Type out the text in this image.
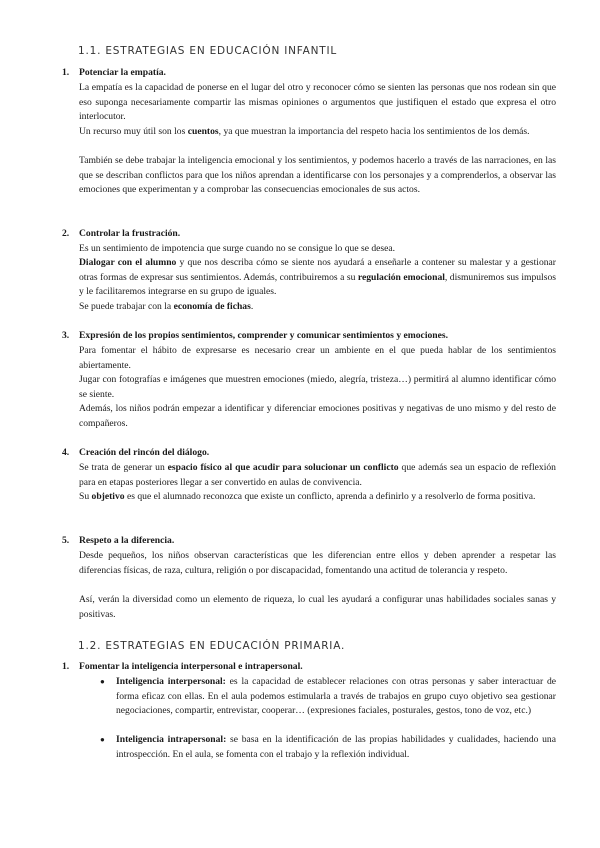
1.1. ESTRATEGIAS EN EDUCACIÓN INFANTIL
1. Potenciar la empatía.

La empatía es la capacidad de ponerse en el lugar del otro y reconocer cómo se sienten las personas que nos rodean sin que eso suponga necesariamente compartir las mismas opiniones o argumentos que justifiquen el estado que expresa el otro interlocutor.

Un recurso muy útil son los cuentos, ya que muestran la importancia del respeto hacia los sentimientos de los demás.

También se debe trabajar la inteligencia emocional y los sentimientos, y podemos hacerlo a través de las narraciones, en las que se describan conflictos para que los niños aprendan a identificarse con los personajes y a comprenderlos, a observar las emociones que experimentan y a comprobar las consecuencias emocionales de sus actos.

2. Controlar la frustración.

Es un sentimiento de impotencia que surge cuando no se consigue lo que se desea.

Dialogar con el alumno y que nos describa cómo se siente nos ayudará a enseñarle a contener su malestar y a gestionar otras formas de expresar sus sentimientos. Además, contribuiremos a su regulación emocional, dismuniremos sus impulsos y le facilitaremos integrarse en su grupo de iguales.

Se puede trabajar con la economía de fichas.

3. Expresión de los propios sentimientos, comprender y comunicar sentimientos y emociones.

Para fomentar el hábito de expresarse es necesario crear un ambiente en el que pueda hablar de los sentimientos abiertamente.

Jugar con fotografías e imágenes que muestren emociones (miedo, alegría, tristeza…) permitirá al alumno identificar cómo se siente.

Además, los niños podrán empezar a identificar y diferenciar emociones positivas y negativas de uno mismo y del resto de compañeros.

4. Creación del rincón del diálogo.

Se trata de generar un espacio físico al que acudir para solucionar un conflicto que además sea un espacio de reflexión para en etapas posteriores llegar a ser convertido en aulas de convivencia.

Su objetivo es que el alumnado reconozca que existe un conflicto, aprenda a definirlo y a resolverlo de forma positiva.

5. Respeto a la diferencia.

Desde pequeños, los niños observan características que les diferencian entre ellos y deben aprender a respetar las diferencias físicas, de raza, cultura, religión o por discapacidad, fomentando una actitud de tolerancia y respeto.

Así, verán la diversidad como un elemento de riqueza, lo cual les ayudará a configurar unas habilidades sociales sanas y positivas.

1.2. ESTRATEGIAS EN EDUCACIÓN PRIMARIA.
1. Fomentar la inteligencia interpersonal e intrapersonal.
● Inteligencia interpersonal: es la capacidad de establecer relaciones con otras personas y saber interactuar de forma eficaz con ellas. En el aula podemos estimularla a través de trabajos en grupo cuyo objetivo sea gestionar negociaciones, compartir, entrevistar, cooperar… (expresiones faciales, posturales, gestos, tono de voz, etc.)

● Inteligencia intrapersonal: se basa en la identificación de las propias habilidades y cualidades, haciendo una introspección. En el aula, se fomenta con el trabajo y la reflexión individual.
